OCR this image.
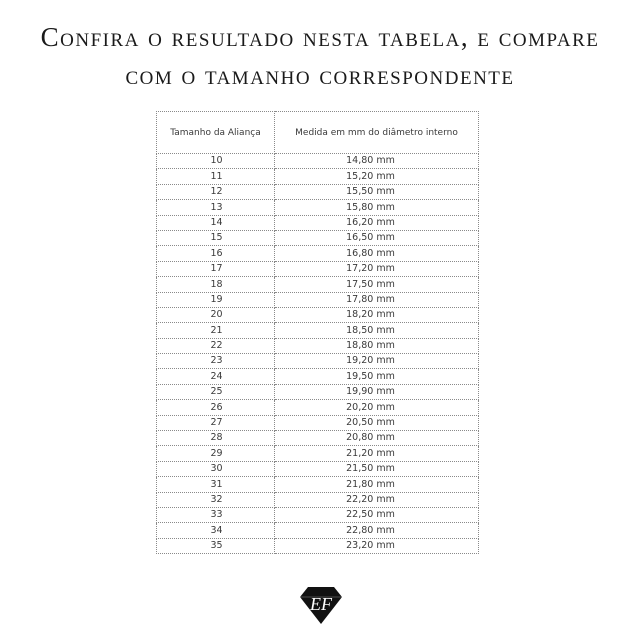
Confira o resultado nesta tabela, e compare
com o tamanho correspondente
Tamanho da Aliança	Medida em mm do diâmetro interno
10	14,80 mm
11	15,20 mm
12	15,50 mm
13	15,80 mm
14	16,20 mm
15	16,50 mm
16	16,80 mm
17	17,20 mm
18	17,50 mm
19	17,80 mm
20	18,20 mm
21	18,50 mm
22	18,80 mm
23	19,20 mm
24	19,50 mm
25	19,90 mm
26	20,20 mm
27	20,50 mm
28	20,80 mm
29	21,20 mm
30	21,50 mm
31	21,80 mm
32	22,20 mm
33	22,50 mm
34	22,80 mm
35	23,20 mm
EF
